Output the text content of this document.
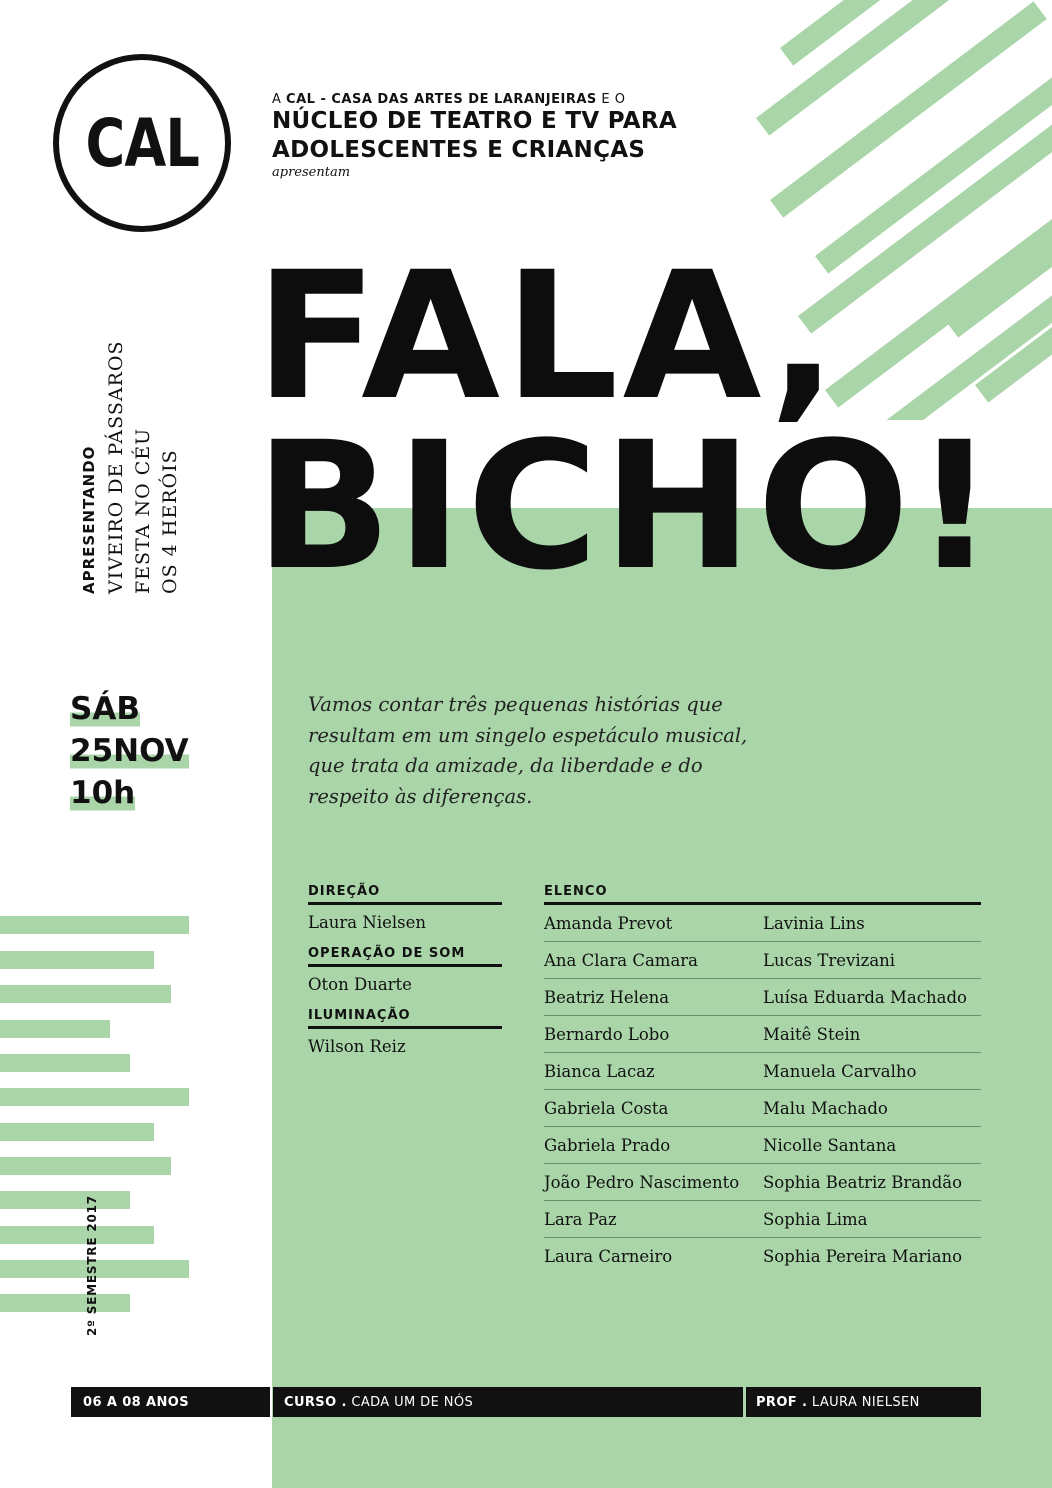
CAL
A CAL - CASA DAS ARTES DE LARANJEIRAS E O
NÚCLEO DE TEATRO E TV PARA
ADOLESCENTES E CRIANÇAS
apresentam
FALA,
BICHO!
APRESENTANDO VIVEIRO DE PÁSSAROS FESTA NO CÉU OS 4 HERÓIS
SÁB
25NOV
10h
Vamos contar três pequenas histórias que resultam em um singelo espetáculo musical, que trata da amizade, da liberdade e do respeito às diferenças.
DIREÇÃO
Laura Nielsen
OPERAÇÃO DE SOM
Oton Duarte
ILUMINAÇÃO
Wilson Reiz
ELENCO
Amanda Prevot	Lavinia Lins
Ana Clara Camara	Lucas Trevizani
Beatriz Helena	Luísa Eduarda Machado
Bernardo Lobo	Maitê Stein
Bianca Lacaz	Manuela Carvalho
Gabriela Costa	Malu Machado
Gabriela Prado	Nicolle Santana
João Pedro Nascimento	Sophia Beatriz Brandão
Lara Paz	Sophia Lima
Laura Carneiro	Sophia Pereira Mariano
2º SEMESTRE 2017
06 A 08 ANOS	CURSO .
CADA UM DE NÓS	PROF .
LAURA NIELSEN
